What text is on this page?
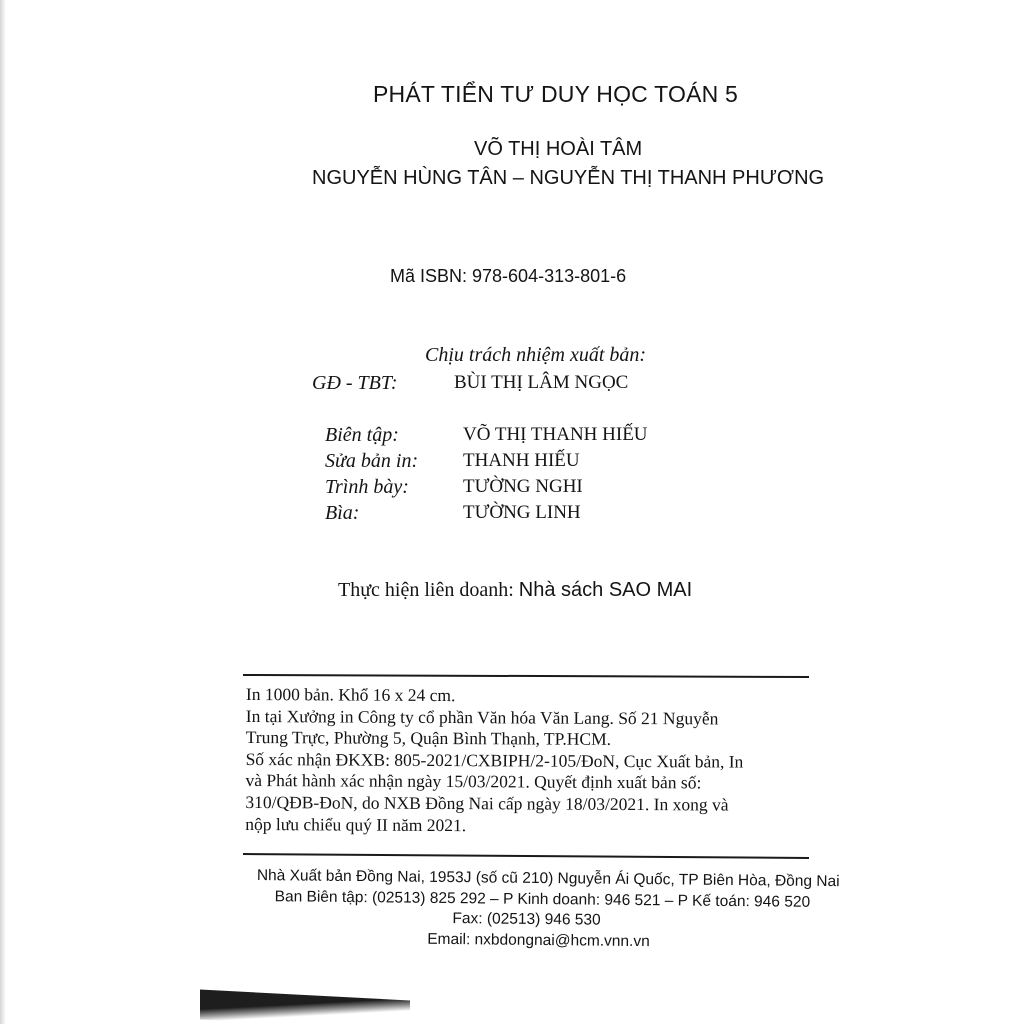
PHÁT TIỂN TƯ DUY HỌC TOÁN 5
VÕ THỊ HOÀI TÂM
NGUYỄN HÙNG TÂN – NGUYỄN THỊ THANH PHƯƠNG
Mã ISBN: 978-604-313-801-6
Chịu trách nhiệm xuất bản:
GĐ - TBT:	BÙI THỊ LÂM NGỌC
Biên tập:	VÕ THỊ THANH HIẾU
Sửa bản in: THANH HIẾU
Trình bày:	TƯỜNG NGHI
Bìa:	TƯỜNG LINH
Thực hiện liên doanh: Nhà sách SAO MAI
In 1000 bản. Khổ 16 x 24 cm.
In tại Xưởng in Công ty cổ phần Văn hóa Văn Lang. Số 21 Nguyễn
Trung Trực, Phường 5, Quận Bình Thạnh, TP.HCM.
Số xác nhận ĐKXB: 805-2021/CXBIPH/2-105/ĐoN, Cục Xuất bản, In
và Phát hành xác nhận ngày 15/03/2021. Quyết định xuất bản số:
310/QĐB-ĐoN, do NXB Đồng Nai cấp ngày 18/03/2021. In xong và
nộp lưu chiểu quý II năm 2021.
Nhà Xuất bản Đồng Nai, 1953J (số cũ 210) Nguyễn Ái Quốc, TP Biên Hòa, Đồng Nai
Ban Biên tập: (02513) 825 292 – P Kinh doanh: 946 521 – P Kế toán: 946 520
Fax: (02513) 946 530
Email: nxbdongnai@hcm.vnn.vn
